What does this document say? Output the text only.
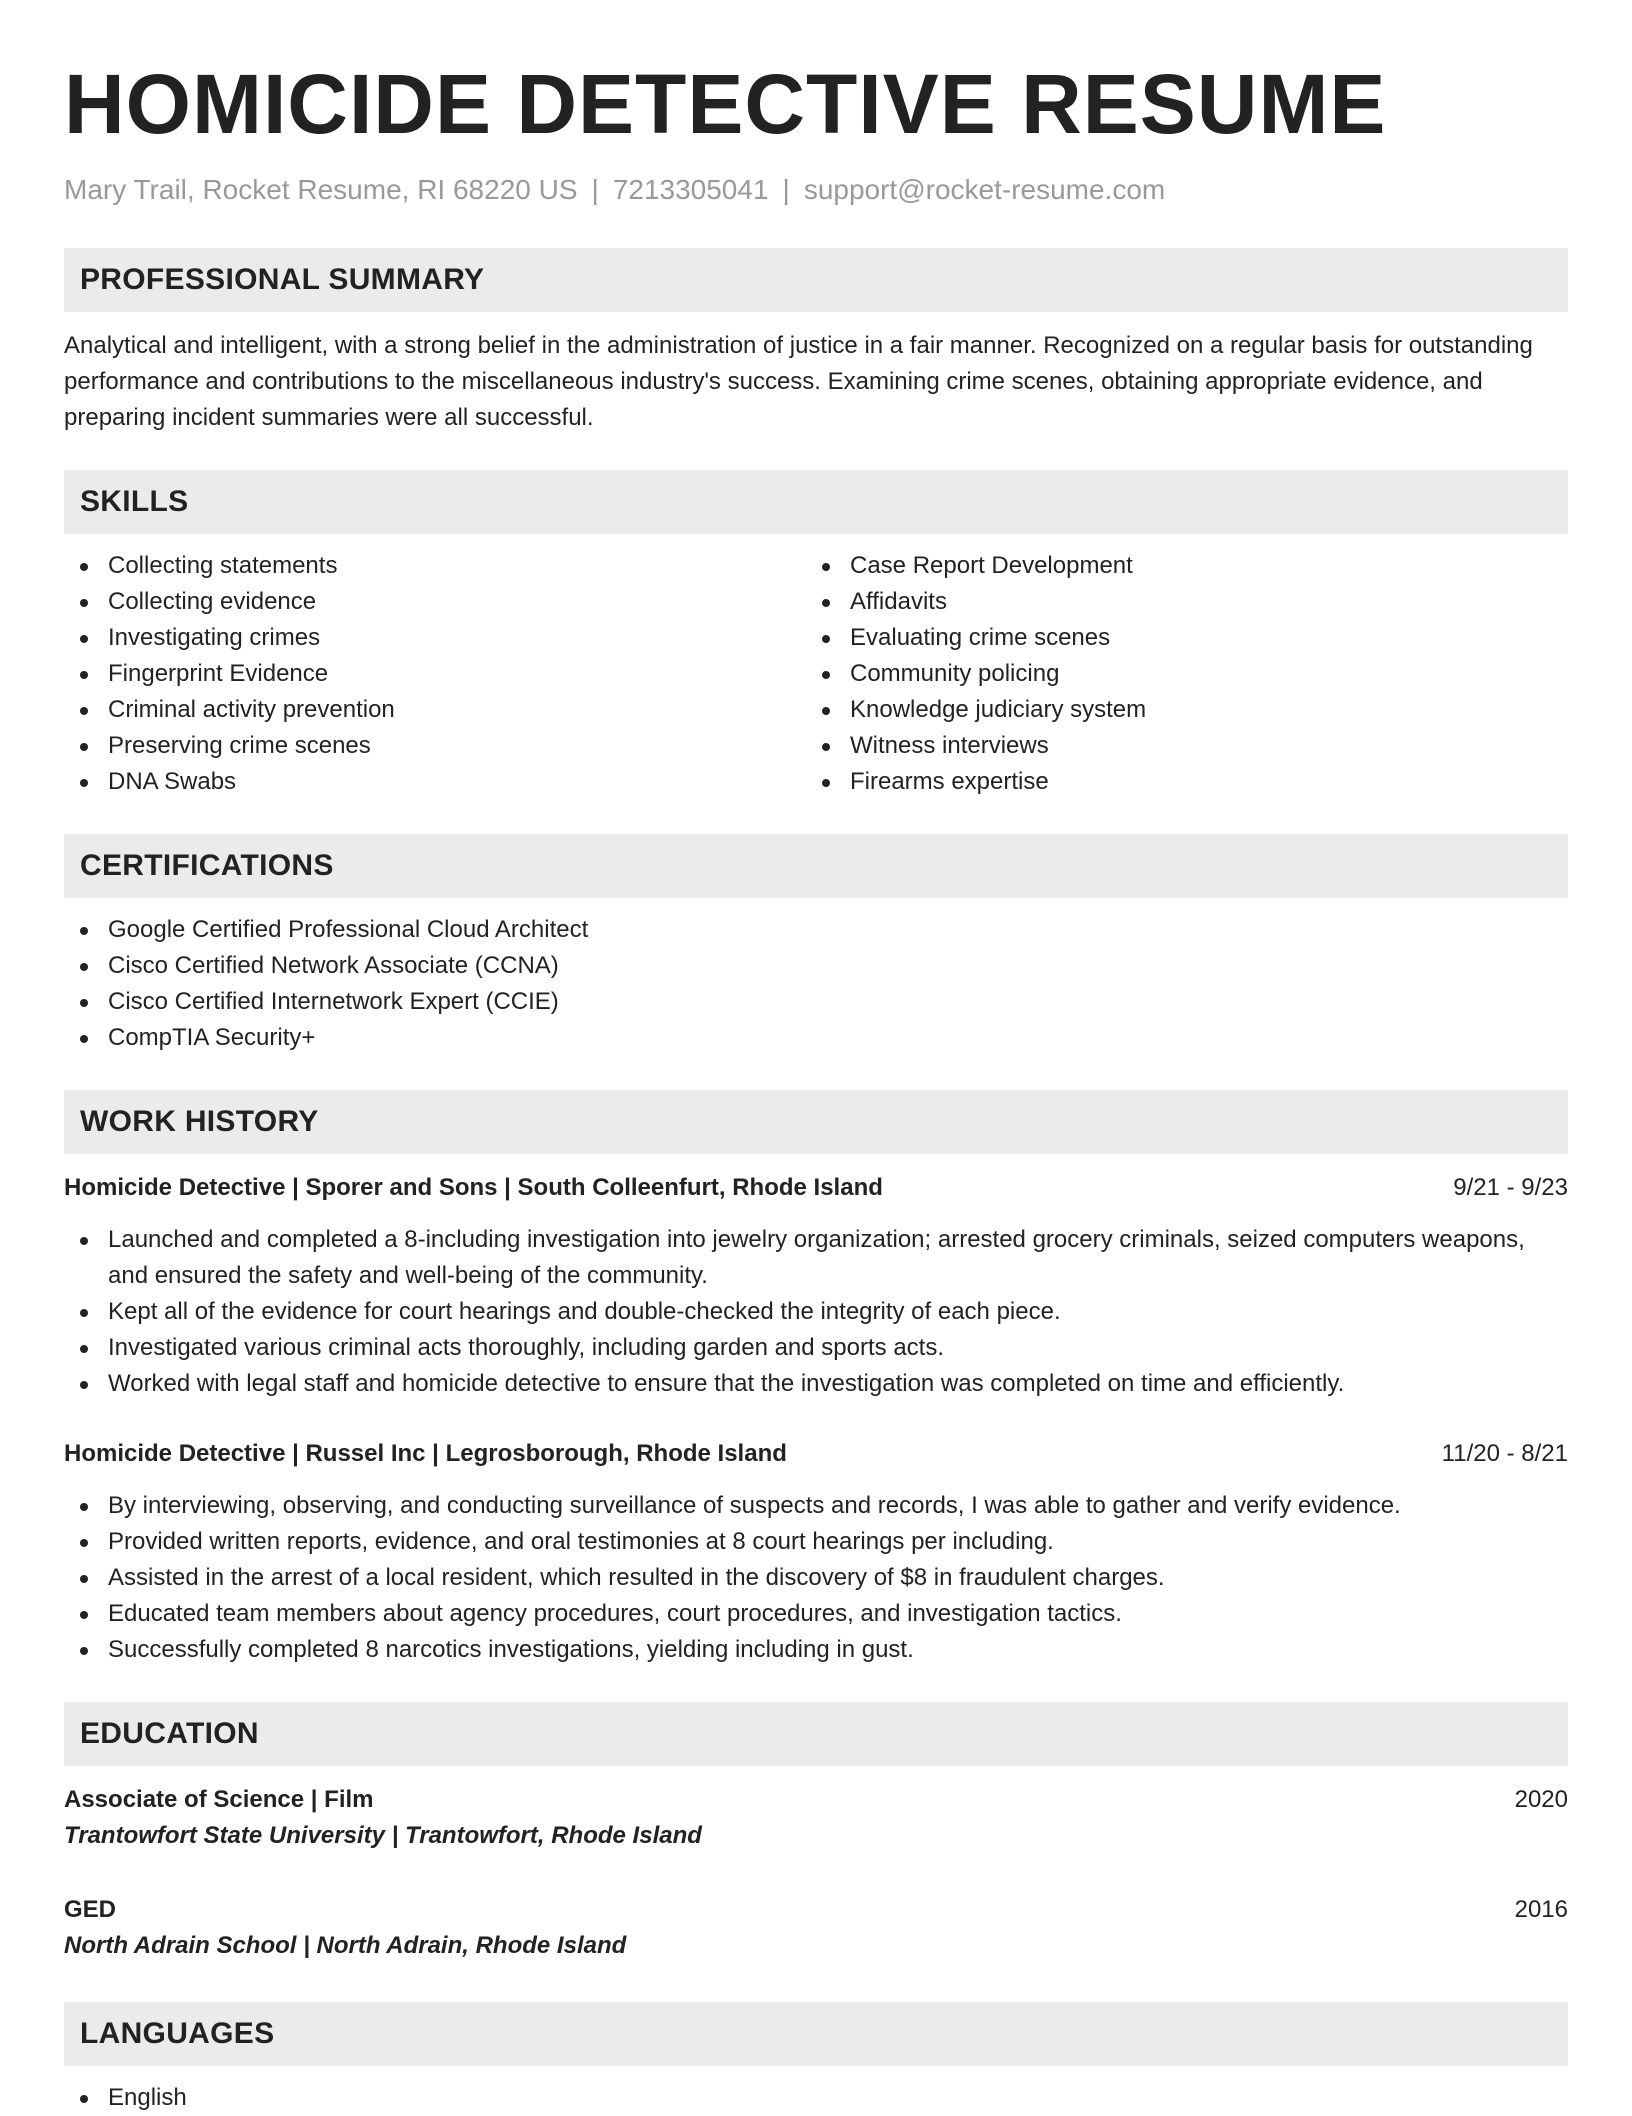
HOMICIDE DETECTIVE RESUME
Mary Trail, Rocket Resume, RI 68220 US | 7213305041 | support@rocket-resume.com
PROFESSIONAL SUMMARY

Analytical and intelligent, with a strong belief in the administration of justice in a fair manner. Recognized on a regular basis for outstanding performance and contributions to the miscellaneous industry's success. Examining crime scenes, obtaining appropriate evidence, and preparing incident summaries were all successful.

SKILLS
Collecting statements
Collecting evidence
Investigating crimes
Fingerprint Evidence
Criminal activity prevention
Preserving crime scenes
DNA Swabs
Case Report Development
Affidavits
Evaluating crime scenes
Community policing
Knowledge judiciary system
Witness interviews
Firearms expertise
CERTIFICATIONS
Google Certified Professional Cloud Architect
Cisco Certified Network Associate (CCNA)
Cisco Certified Internetwork Expert (CCIE)
CompTIA Security+
WORK HISTORY
Homicide Detective | Sporer and Sons | South Colleenfurt, Rhode Island	9/21 - 9/23
Launched and completed a 8-including investigation into jewelry organization; arrested grocery criminals, seized computers weapons, and ensured the safety and well-being of the community.
Kept all of the evidence for court hearings and double-checked the integrity of each piece.
Investigated various criminal acts thoroughly, including garden and sports acts.
Worked with legal staff and homicide detective to ensure that the investigation was completed on time and efficiently.
Homicide Detective | Russel Inc | Legrosborough, Rhode Island	11/20 - 8/21
By interviewing, observing, and conducting surveillance of suspects and records, I was able to gather and verify evidence.
Provided written reports, evidence, and oral testimonies at 8 court hearings per including.
Assisted in the arrest of a local resident, which resulted in the discovery of $8 in fraudulent charges.
Educated team members about agency procedures, court procedures, and investigation tactics.
Successfully completed 8 narcotics investigations, yielding including in gust.
EDUCATION
Associate of Science | Film	2020
Trantowfort State University | Trantowfort, Rhode Island
GED	2016
North Adrain School | North Adrain, Rhode Island
LANGUAGES
English
